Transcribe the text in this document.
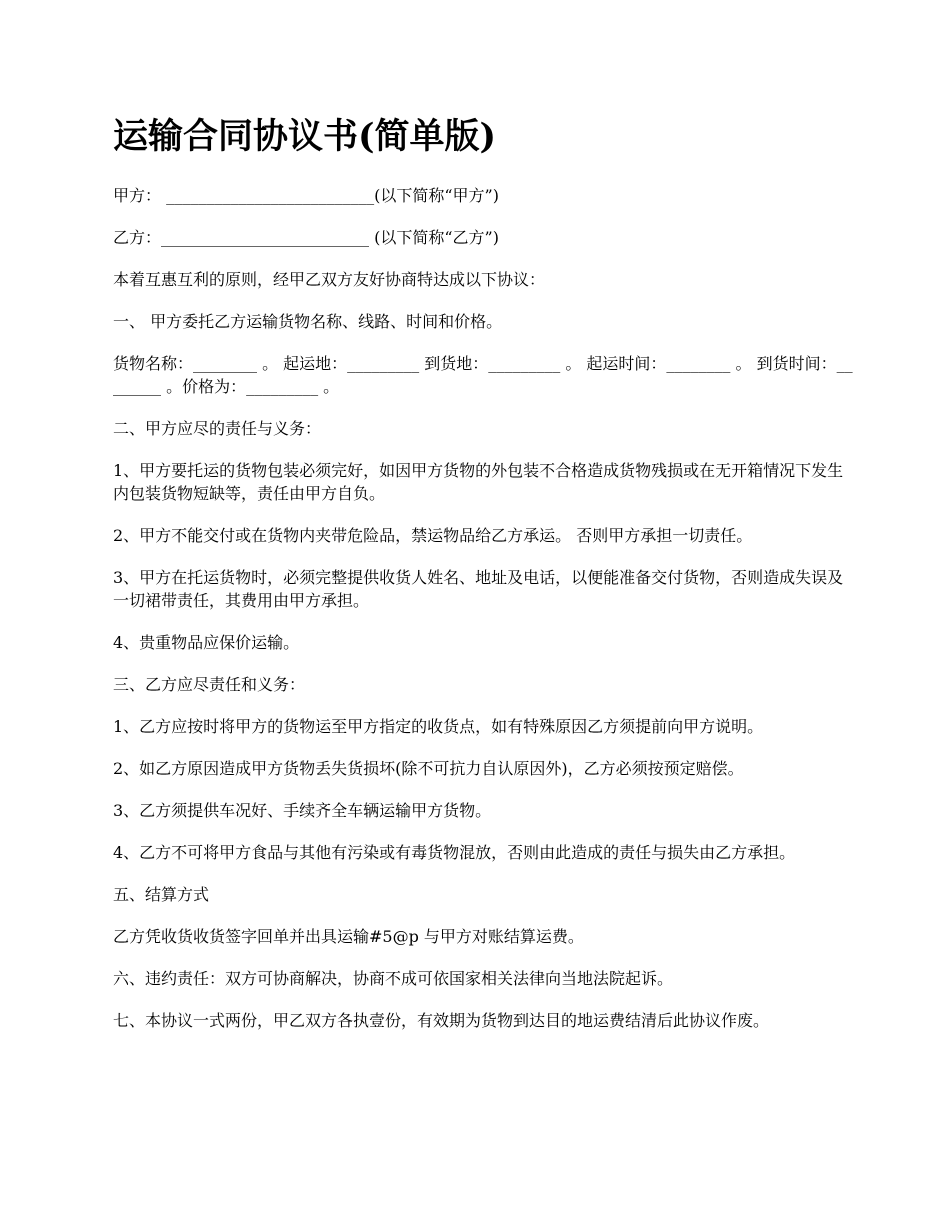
运输合同协议书(简单版)

甲方： __________________________(以下简称“甲方”)

乙方：__________________________ (以下简称“乙方”)

本着互惠互利的原则，经甲乙双方友好协商特达成以下协议：

一、 甲方委托乙方运输货物名称、线路、时间和价格。

货物名称：________ 。 起运地：_________ 到货地：_________ 。 起运时间：________ 。 到货时间：________ 。价格为：_________ 。

二、甲方应尽的责任与义务：

1、甲方要托运的货物包装必须完好，如因甲方货物的外包装不合格造成货物残损或在无开箱情况下发生内包装货物短缺等，责任由甲方自负。

2、甲方不能交付或在货物内夹带危险品，禁运物品给乙方承运。 否则甲方承担一切责任。

3、甲方在托运货物时，必须完整提供收货人姓名、地址及电话，以便能准备交付货物，否则造成失误及一切裙带责任，其费用由甲方承担。

4、贵重物品应保价运输。

三、乙方应尽责任和义务：

1、乙方应按时将甲方的货物运至甲方指定的收货点，如有特殊原因乙方须提前向甲方说明。

2、如乙方原因造成甲方货物丢失货损坏(除不可抗力自认原因外)，乙方必须按预定赔偿。

3、乙方须提供车况好、手续齐全车辆运输甲方货物。

4、乙方不可将甲方食品与其他有污染或有毒货物混放，否则由此造成的责任与损失由乙方承担。

五、结算方式

乙方凭收货收货签字回单并出具运输#5@p 与甲方对账结算运费。

六、违约责任：双方可协商解决，协商不成可依国家相关法律向当地法院起诉。

七、本协议一式两份，甲乙双方各执壹份，有效期为货物到达目的地运费结清后此协议作废。
